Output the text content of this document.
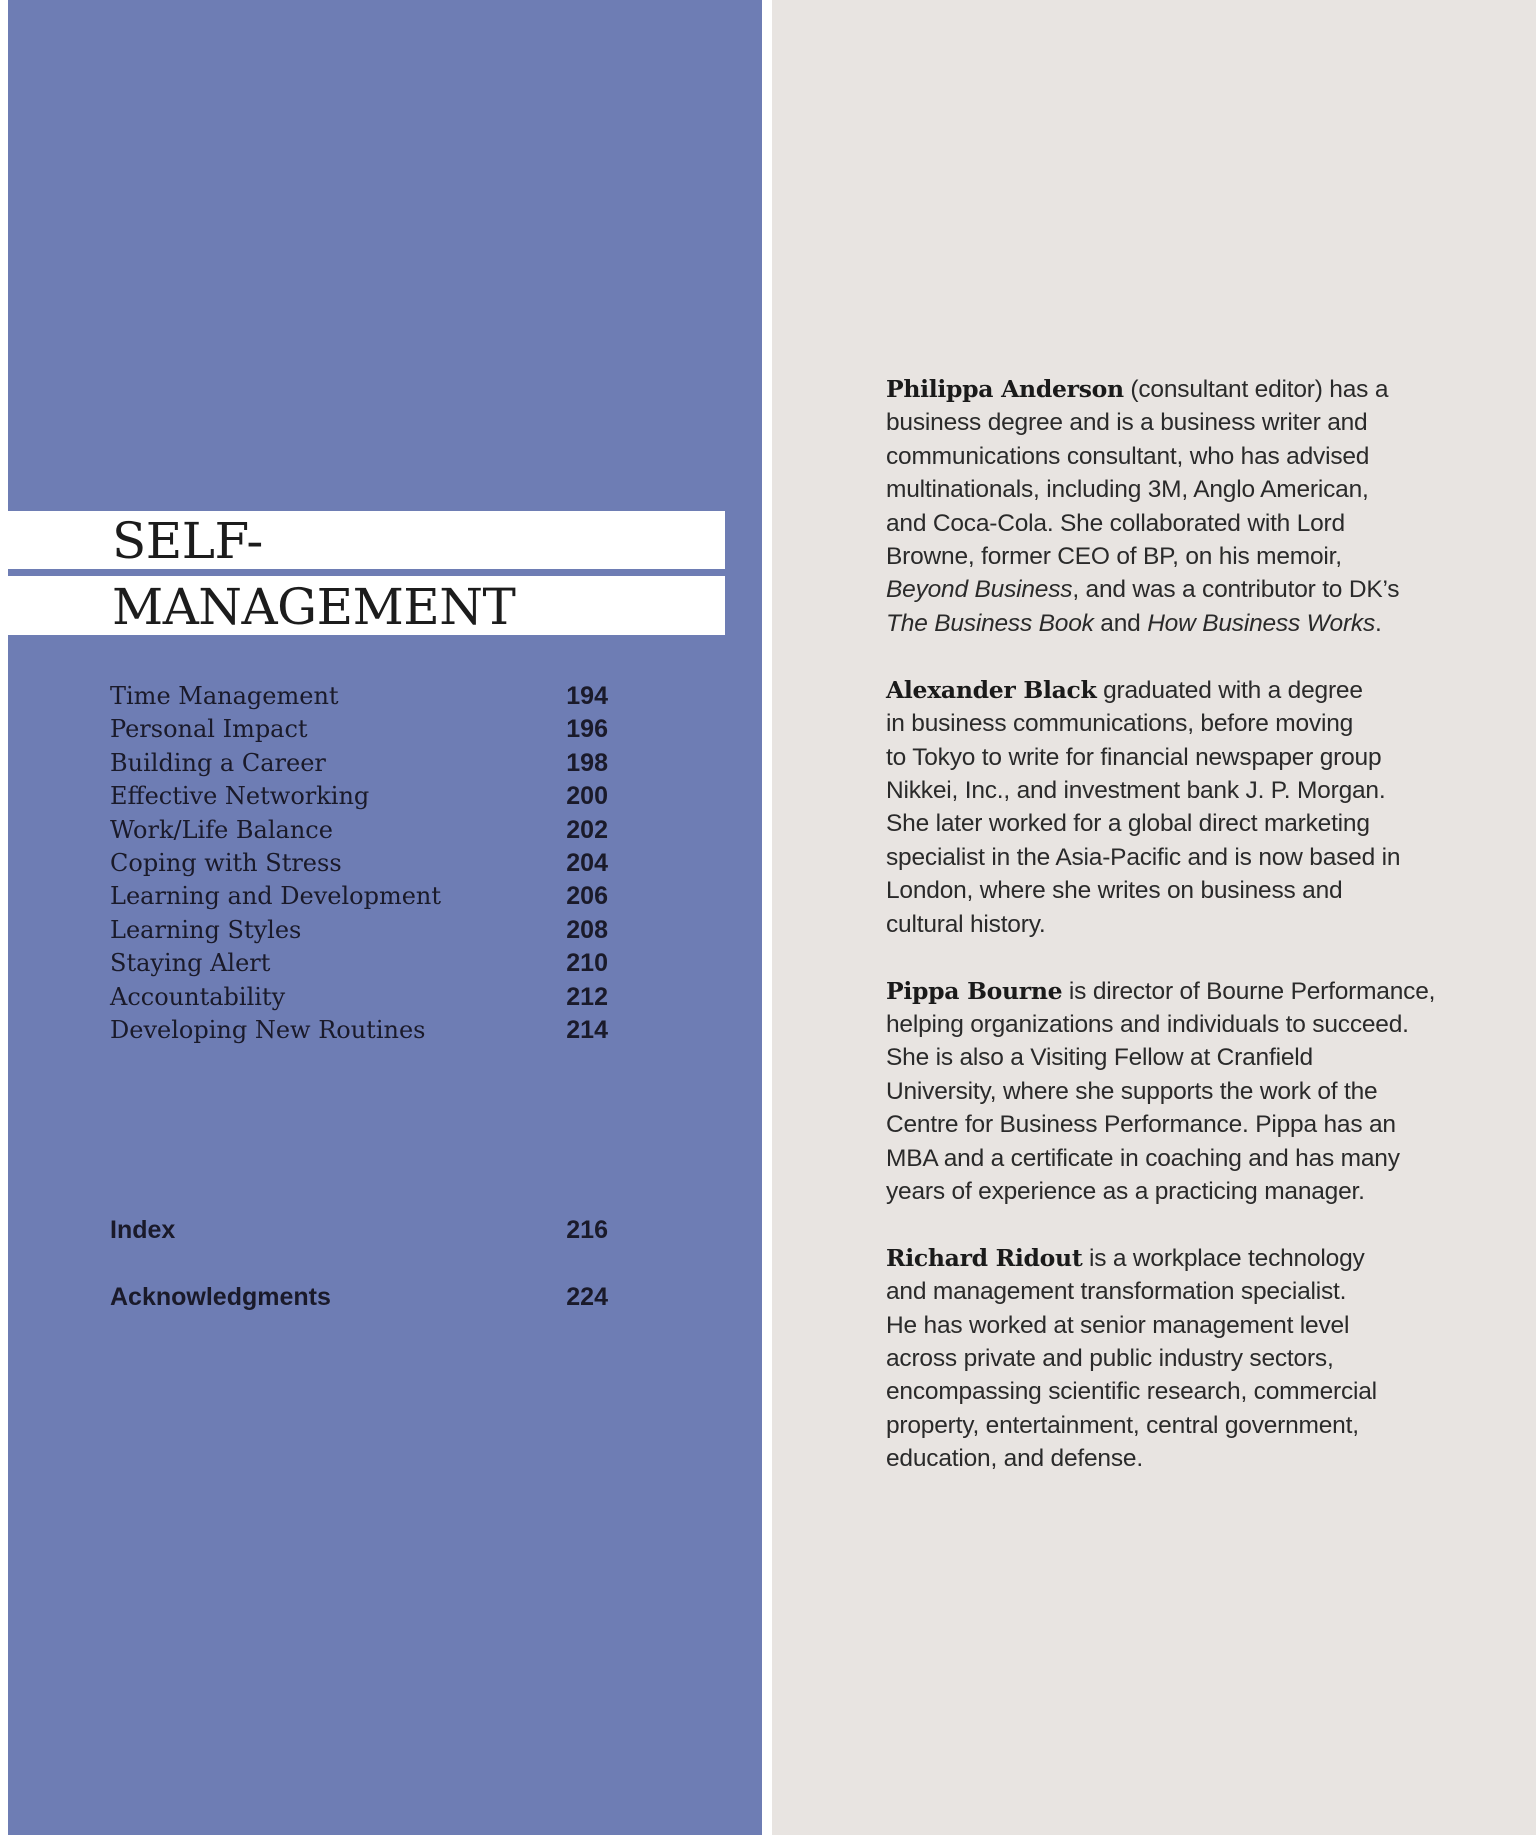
SELF-
MANAGEMENT
Time Management	194
Personal Impact	196
Building a Career	198
Effective Networking	200
Work/Life Balance	202
Coping with Stress	204
Learning and Development	206
Learning Styles	208
Staying Alert	210
Accountability	212
Developing New Routines	214
Index	216
Acknowledgments	224

Philippa Anderson (consultant editor) has a
business degree and is a business writer and
communications consultant, who has advised
multinationals, including 3M, Anglo American,
and Coca-Cola. She collaborated with Lord
Browne, former CEO of BP, on his memoir,
Beyond Business, and was a contributor to DK’s
The Business Book and How Business Works.

Alexander Black graduated with a degree
in business communications, before moving
to Tokyo to write for financial newspaper group
Nikkei, Inc., and investment bank J. P. Morgan.
She later worked for a global direct marketing
specialist in the Asia-Pacific and is now based in
London, where she writes on business and
cultural history.

Pippa Bourne is director of Bourne Performance,
helping organizations and individuals to succeed.
She is also a Visiting Fellow at Cranfield
University, where she supports the work of the
Centre for Business Performance. Pippa has an
MBA and a certificate in coaching and has many
years of experience as a practicing manager.

Richard Ridout is a workplace technology
and management transformation specialist.
He has worked at senior management level
across private and public industry sectors,
encompassing scientific research, commercial
property, entertainment, central government,
education, and defense.
